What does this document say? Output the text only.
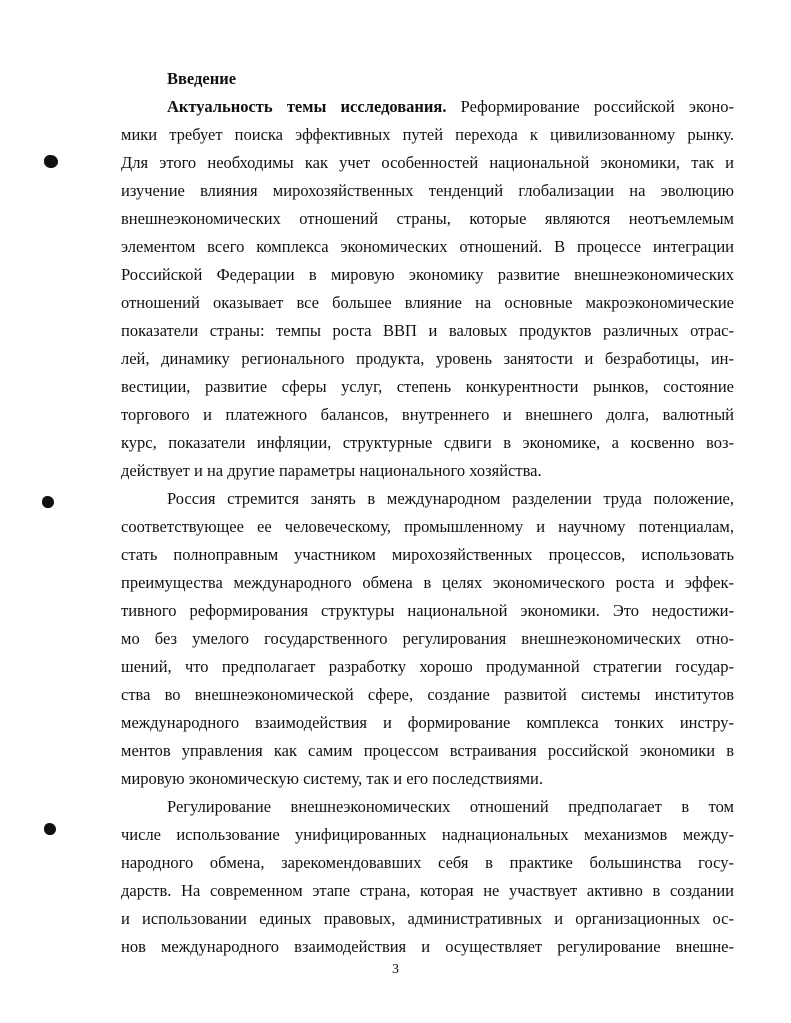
Введение
Актуальность темы исследования. Реформирование российской эконо-
мики требует поиска эффективных путей перехода к цивилизованному рынку.
Для этого необходимы как учет особенностей национальной экономики, так и
изучение влияния мирохозяйственных тенденций глобализации на эволюцию
внешнеэкономических отношений страны, которые являются неотъемлемым
элементом всего комплекса экономических отношений. В процессе интеграции
Российской Федерации в мировую экономику развитие внешнеэкономических
отношений оказывает все большее влияние на основные макроэкономические
показатели страны: темпы роста ВВП и валовых продуктов различных отрас-
лей, динамику регионального продукта, уровень занятости и безработицы, ин-
вестиции, развитие сферы услуг, степень конкурентности рынков, состояние
торгового и платежного балансов, внутреннего и внешнего долга, валютный
курс, показатели инфляции, структурные сдвиги в экономике, а косвенно воз-
действует и на другие параметры национального хозяйства.
Россия стремится занять в международном разделении труда положение,
соответствующее ее человеческому, промышленному и научному потенциалам,
стать полноправным участником мирохозяйственных процессов, использовать
преимущества международного обмена в целях экономического роста и эффек-
тивного реформирования структуры национальной экономики. Это недостижи-
мо без умелого государственного регулирования внешнеэкономических отно-
шений, что предполагает разработку хорошо продуманной стратегии государ-
ства во внешнеэкономической сфере, создание развитой системы институтов
международного взаимодействия и формирование комплекса тонких инстру-
ментов управления как самим процессом встраивания российской экономики в
мировую экономическую систему, так и его последствиями.
Регулирование внешнеэкономических отношений предполагает в том
числе использование унифицированных наднациональных механизмов между-
народного обмена, зарекомендовавших себя в практике большинства госу-
дарств. На современном этапе страна, которая не участвует активно в создании
и использовании единых правовых, административных и организационных ос-
нов международного взаимодействия и осуществляет регулирование внешне-
3
